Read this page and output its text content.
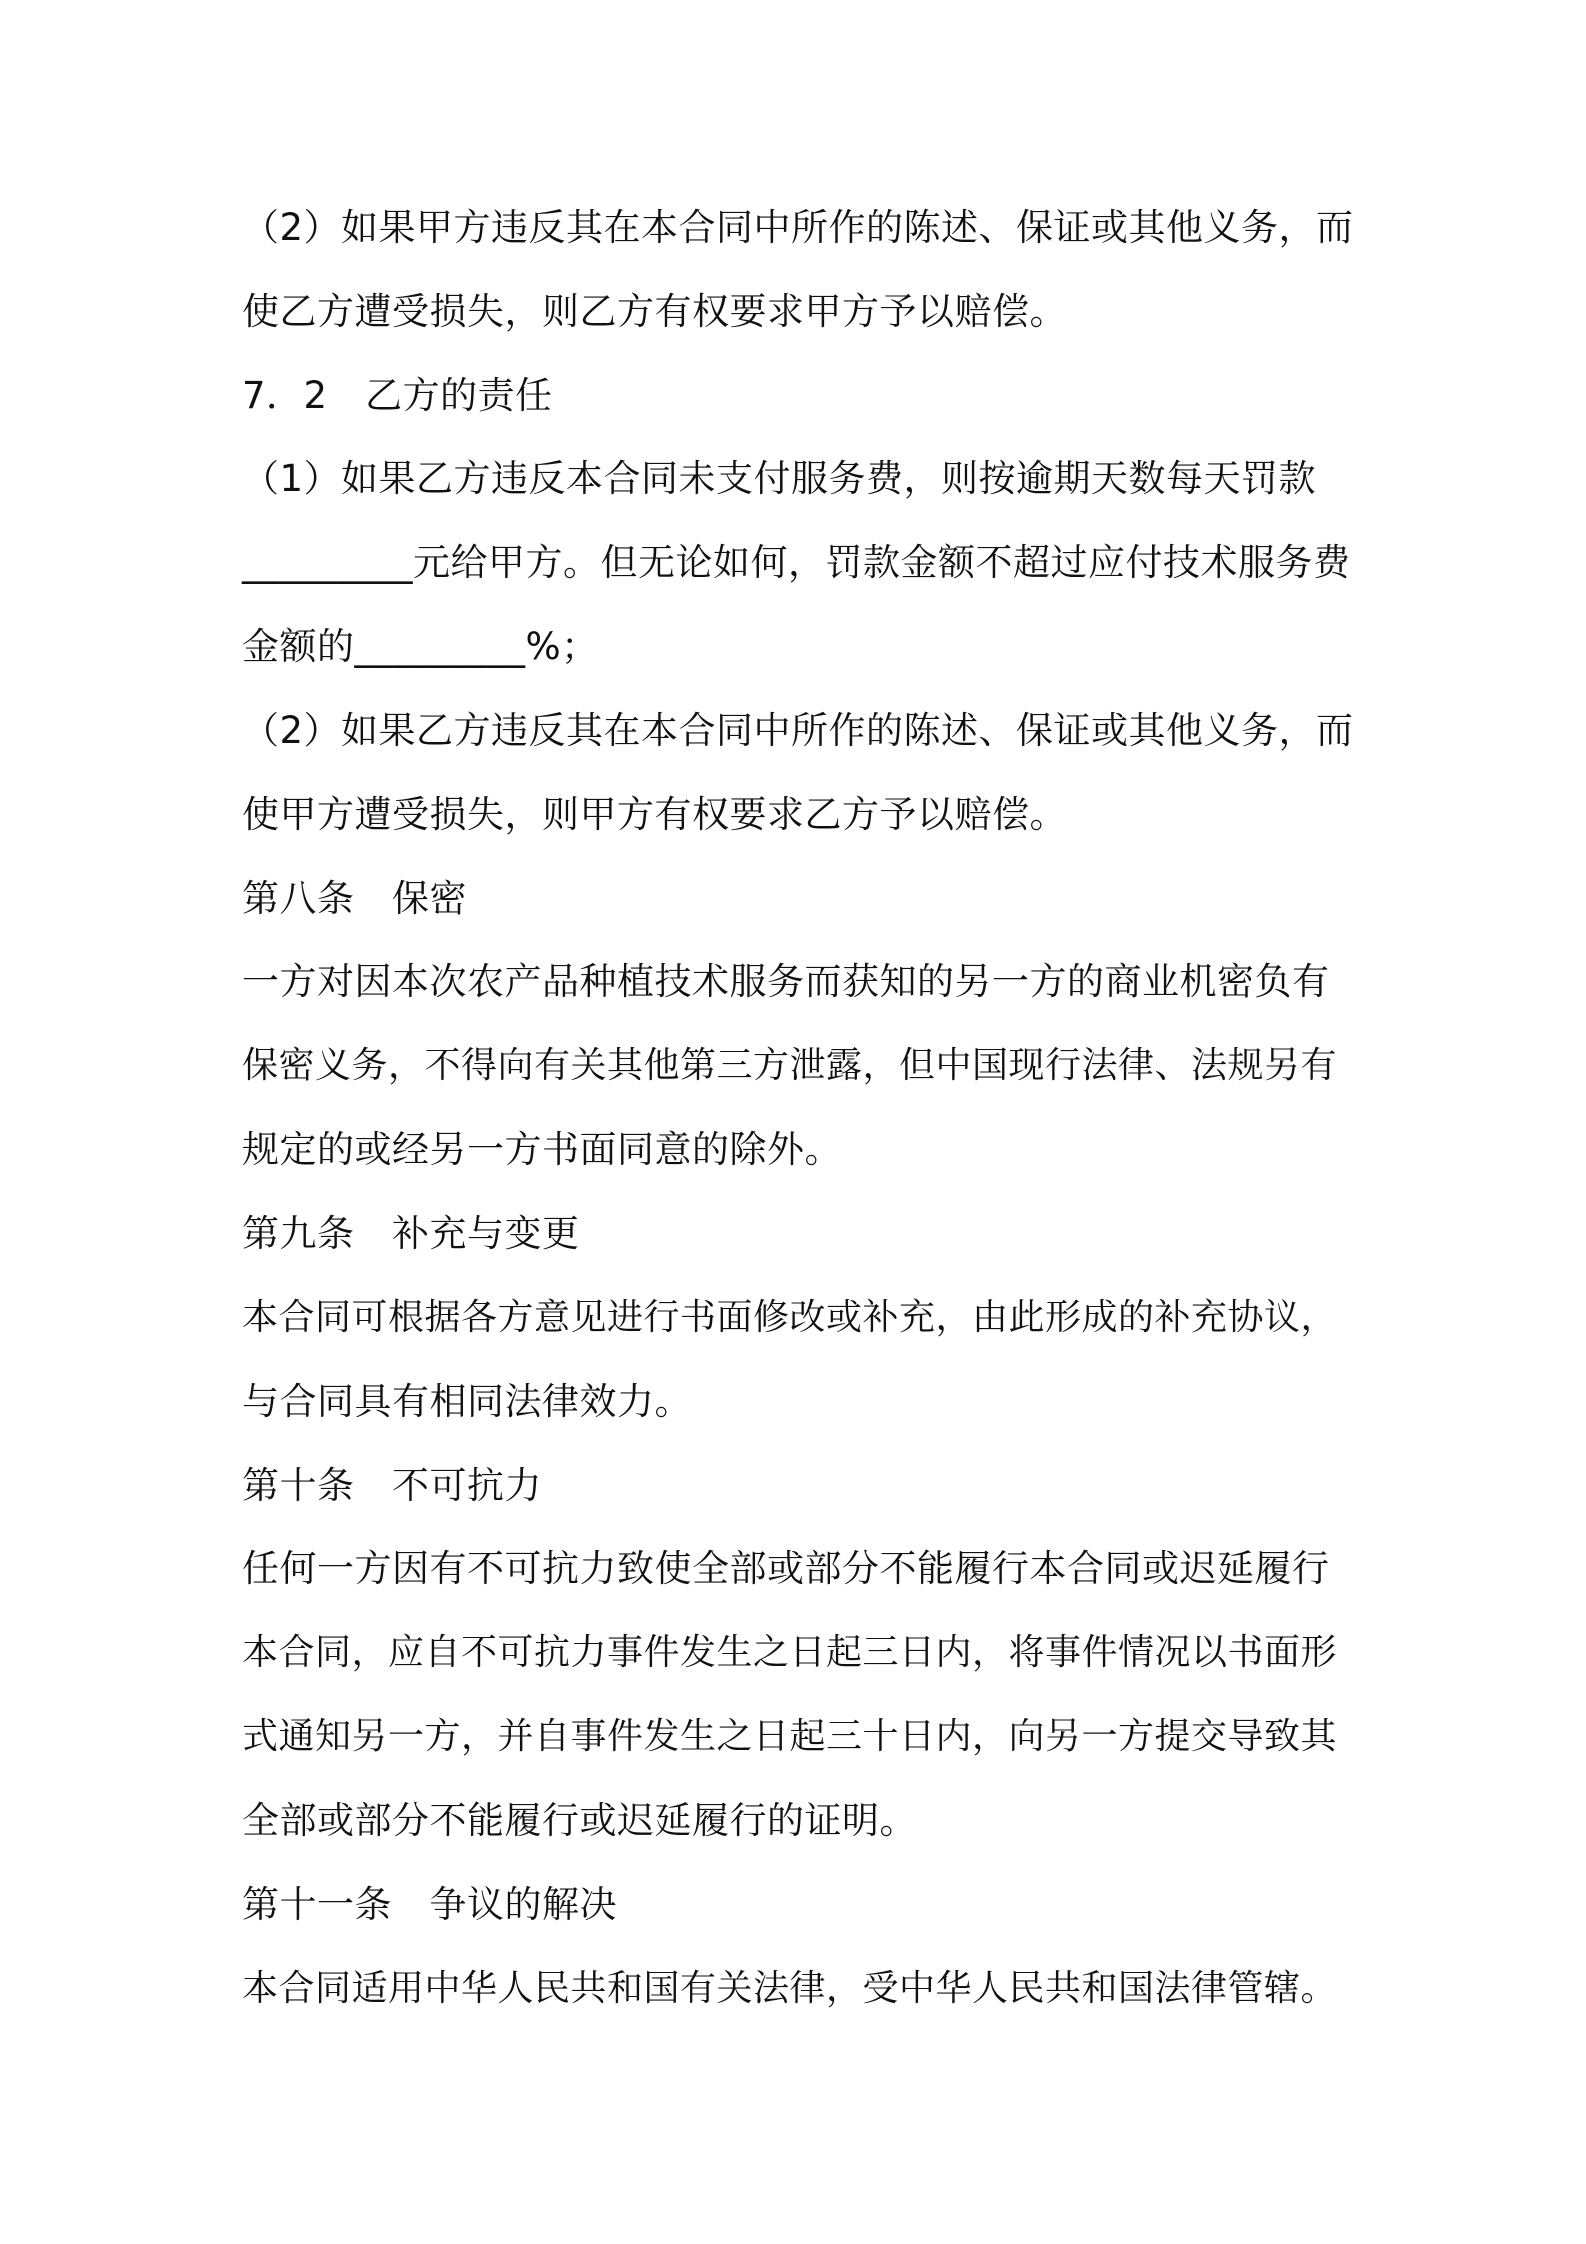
（2）如果甲方违反其在本合同中所作的陈述、保证或其他义务，而
使乙方遭受损失，则乙方有权要求甲方予以赔偿。
7．2　乙方的责任
（1）如果乙方违反本合同未支付服务费，则按逾期天数每天罚款
_________元给甲方。但无论如何，罚款金额不超过应付技术服务费
金额的_________%；
（2）如果乙方违反其在本合同中所作的陈述、保证或其他义务，而
使甲方遭受损失，则甲方有权要求乙方予以赔偿。
第八条　保密
一方对因本次农产品种植技术服务而获知的另一方的商业机密负有
保密义务，不得向有关其他第三方泄露，但中国现行法律、法规另有
规定的或经另一方书面同意的除外。
第九条　补充与变更
本合同可根据各方意见进行书面修改或补充，由此形成的补充协议，
与合同具有相同法律效力。
第十条　不可抗力
任何一方因有不可抗力致使全部或部分不能履行本合同或迟延履行
本合同，应自不可抗力事件发生之日起三日内，将事件情况以书面形
式通知另一方，并自事件发生之日起三十日内，向另一方提交导致其
全部或部分不能履行或迟延履行的证明。
第十一条　争议的解决
本合同适用中华人民共和国有关法律，受中华人民共和国法律管辖。
